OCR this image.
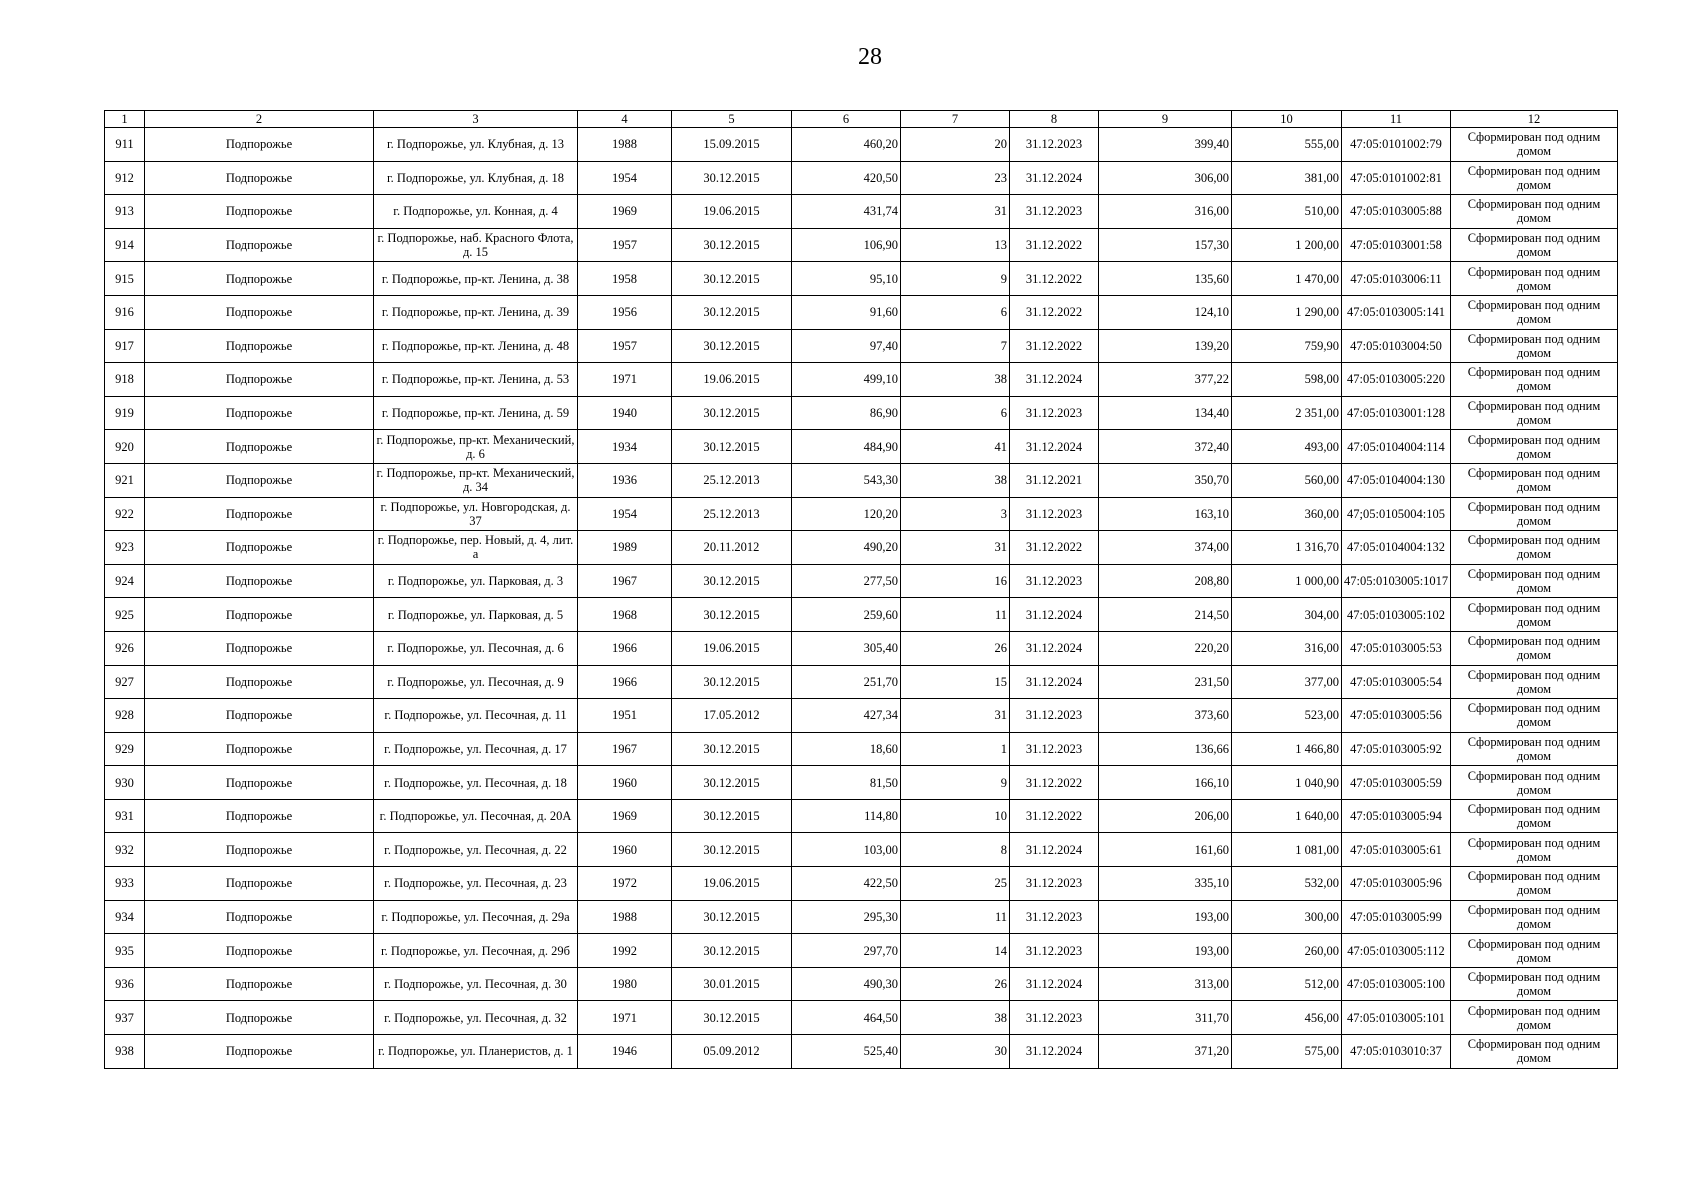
28
1	2	3	4	5	6	7	8	9	10	11	12
911	Подпорожье	г. Подпорожье, ул. Клубная, д. 13	1988	15.09.2015	460,20	20	31.12.2023	399,40	555,00	47:05:0101002:79	Сформирован под одним домом
912	Подпорожье	г. Подпорожье, ул. Клубная, д. 18	1954	30.12.2015	420,50	23	31.12.2024	306,00	381,00	47:05:0101002:81	Сформирован под одним домом
913	Подпорожье	г. Подпорожье, ул. Конная, д. 4	1969	19.06.2015	431,74	31	31.12.2023	316,00	510,00	47:05:0103005:88	Сформирован под одним домом
914	Подпорожье	г. Подпорожье, наб. Красного Флота, д. 15	1957	30.12.2015	106,90	13	31.12.2022	157,30	1 200,00	47:05:0103001:58	Сформирован под одним домом
915	Подпорожье	г. Подпорожье, пр-кт. Ленина, д. 38	1958	30.12.2015	95,10	9	31.12.2022	135,60	1 470,00	47:05:0103006:11	Сформирован под одним домом
916	Подпорожье	г. Подпорожье, пр-кт. Ленина, д. 39	1956	30.12.2015	91,60	6	31.12.2022	124,10	1 290,00	47:05:0103005:141	Сформирован под одним домом
917	Подпорожье	г. Подпорожье, пр-кт. Ленина, д. 48	1957	30.12.2015	97,40	7	31.12.2022	139,20	759,90	47:05:0103004:50	Сформирован под одним домом
918	Подпорожье	г. Подпорожье, пр-кт. Ленина, д. 53	1971	19.06.2015	499,10	38	31.12.2024	377,22	598,00	47:05:0103005:220	Сформирован под одним домом
919	Подпорожье	г. Подпорожье, пр-кт. Ленина, д. 59	1940	30.12.2015	86,90	6	31.12.2023	134,40	2 351,00	47:05:0103001:128	Сформирован под одним домом
920	Подпорожье	г. Подпорожье, пр-кт. Механический, д. 6	1934	30.12.2015	484,90	41	31.12.2024	372,40	493,00	47:05:0104004:114	Сформирован под одним домом
921	Подпорожье	г. Подпорожье, пр-кт. Механический, д. 34	1936	25.12.2013	543,30	38	31.12.2021	350,70	560,00	47:05:0104004:130	Сформирован под одним домом
922	Подпорожье	г. Подпорожье, ул. Новгородская, д. 37	1954	25.12.2013	120,20	3	31.12.2023	163,10	360,00	47;05:0105004:105	Сформирован под одним домом
923	Подпорожье	г. Подпорожье, пер. Новый, д. 4, лит. а	1989	20.11.2012	490,20	31	31.12.2022	374,00	1 316,70	47:05:0104004:132	Сформирован под одним домом
924	Подпорожье	г. Подпорожье, ул. Парковая, д. 3	1967	30.12.2015	277,50	16	31.12.2023	208,80	1 000,00	47:05:0103005:1017	Сформирован под одним домом
925	Подпорожье	г. Подпорожье, ул. Парковая, д. 5	1968	30.12.2015	259,60	11	31.12.2024	214,50	304,00	47:05:0103005:102	Сформирован под одним домом
926	Подпорожье	г. Подпорожье, ул. Песочная, д. 6	1966	19.06.2015	305,40	26	31.12.2024	220,20	316,00	47:05:0103005:53	Сформирован под одним домом
927	Подпорожье	г. Подпорожье, ул. Песочная, д. 9	1966	30.12.2015	251,70	15	31.12.2024	231,50	377,00	47:05:0103005:54	Сформирован под одним домом
928	Подпорожье	г. Подпорожье, ул. Песочная, д. 11	1951	17.05.2012	427,34	31	31.12.2023	373,60	523,00	47:05:0103005:56	Сформирован под одним домом
929	Подпорожье	г. Подпорожье, ул. Песочная, д. 17	1967	30.12.2015	18,60	1	31.12.2023	136,66	1 466,80	47:05:0103005:92	Сформирован под одним домом
930	Подпорожье	г. Подпорожье, ул. Песочная, д. 18	1960	30.12.2015	81,50	9	31.12.2022	166,10	1 040,90	47:05:0103005:59	Сформирован под одним домом
931	Подпорожье	г. Подпорожье, ул. Песочная, д. 20А	1969	30.12.2015	114,80	10	31.12.2022	206,00	1 640,00	47:05:0103005:94	Сформирован под одним домом
932	Подпорожье	г. Подпорожье, ул. Песочная, д. 22	1960	30.12.2015	103,00	8	31.12.2024	161,60	1 081,00	47:05:0103005:61	Сформирован под одним домом
933	Подпорожье	г. Подпорожье, ул. Песочная, д. 23	1972	19.06.2015	422,50	25	31.12.2023	335,10	532,00	47:05:0103005:96	Сформирован под одним домом
934	Подпорожье	г. Подпорожье, ул. Песочная, д. 29а	1988	30.12.2015	295,30	11	31.12.2023	193,00	300,00	47:05:0103005:99	Сформирован под одним домом
935	Подпорожье	г. Подпорожье, ул. Песочная, д. 29б	1992	30.12.2015	297,70	14	31.12.2023	193,00	260,00	47:05:0103005:112	Сформирован под одним домом
936	Подпорожье	г. Подпорожье, ул. Песочная, д. 30	1980	30.01.2015	490,30	26	31.12.2024	313,00	512,00	47:05:0103005:100	Сформирован под одним домом
937	Подпорожье	г. Подпорожье, ул. Песочная, д. 32	1971	30.12.2015	464,50	38	31.12.2023	311,70	456,00	47:05:0103005:101	Сформирован под одним домом
938	Подпорожье	г. Подпорожье, ул. Планеристов, д. 1	1946	05.09.2012	525,40	30	31.12.2024	371,20	575,00	47:05:0103010:37	Сформирован под одним домом
